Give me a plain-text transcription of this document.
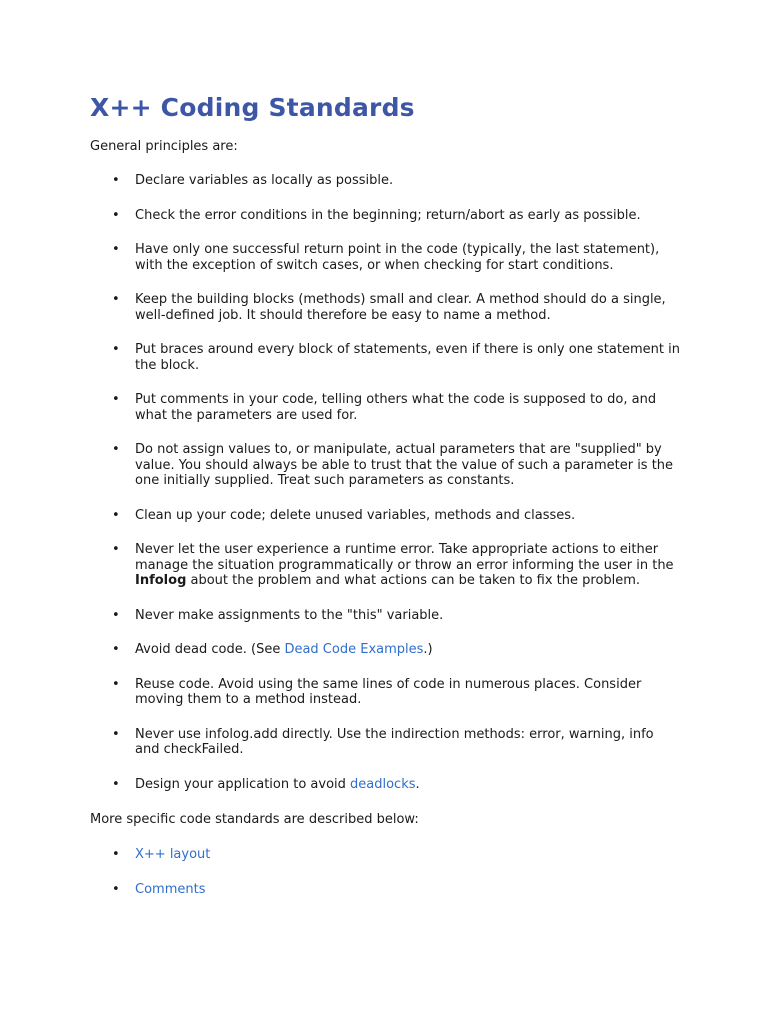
X++ Coding Standards

General principles are:

• Declare variables as locally as possible.
• Check the error conditions in the beginning; return/abort as early as possible.
• Have only one successful return point in the code (typically, the last statement), with the exception of switch cases, or when checking for start conditions.
• Keep the building blocks (methods) small and clear. A method should do a single, well-defined job. It should therefore be easy to name a method.
• Put braces around every block of statements, even if there is only one statement in the block.
• Put comments in your code, telling others what the code is supposed to do, and what the parameters are used for.
• Do not assign values to, or manipulate, actual parameters that are "supplied" by value. You should always be able to trust that the value of such a parameter is the one initially supplied. Treat such parameters as constants.
• Clean up your code; delete unused variables, methods and classes.
• Never let the user experience a runtime error. Take appropriate actions to either manage the situation programmatically or throw an error informing the user in the Infolog about the problem and what actions can be taken to fix the problem.
• Never make assignments to the "this" variable.
• Avoid dead code. (See Dead Code Examples.)
• Reuse code. Avoid using the same lines of code in numerous places. Consider moving them to a method instead.
• Never use infolog.add directly. Use the indirection methods: error, warning, info and checkFailed.
• Design your application to avoid deadlocks.

More specific code standards are described below:

• X++ layout
• Comments
